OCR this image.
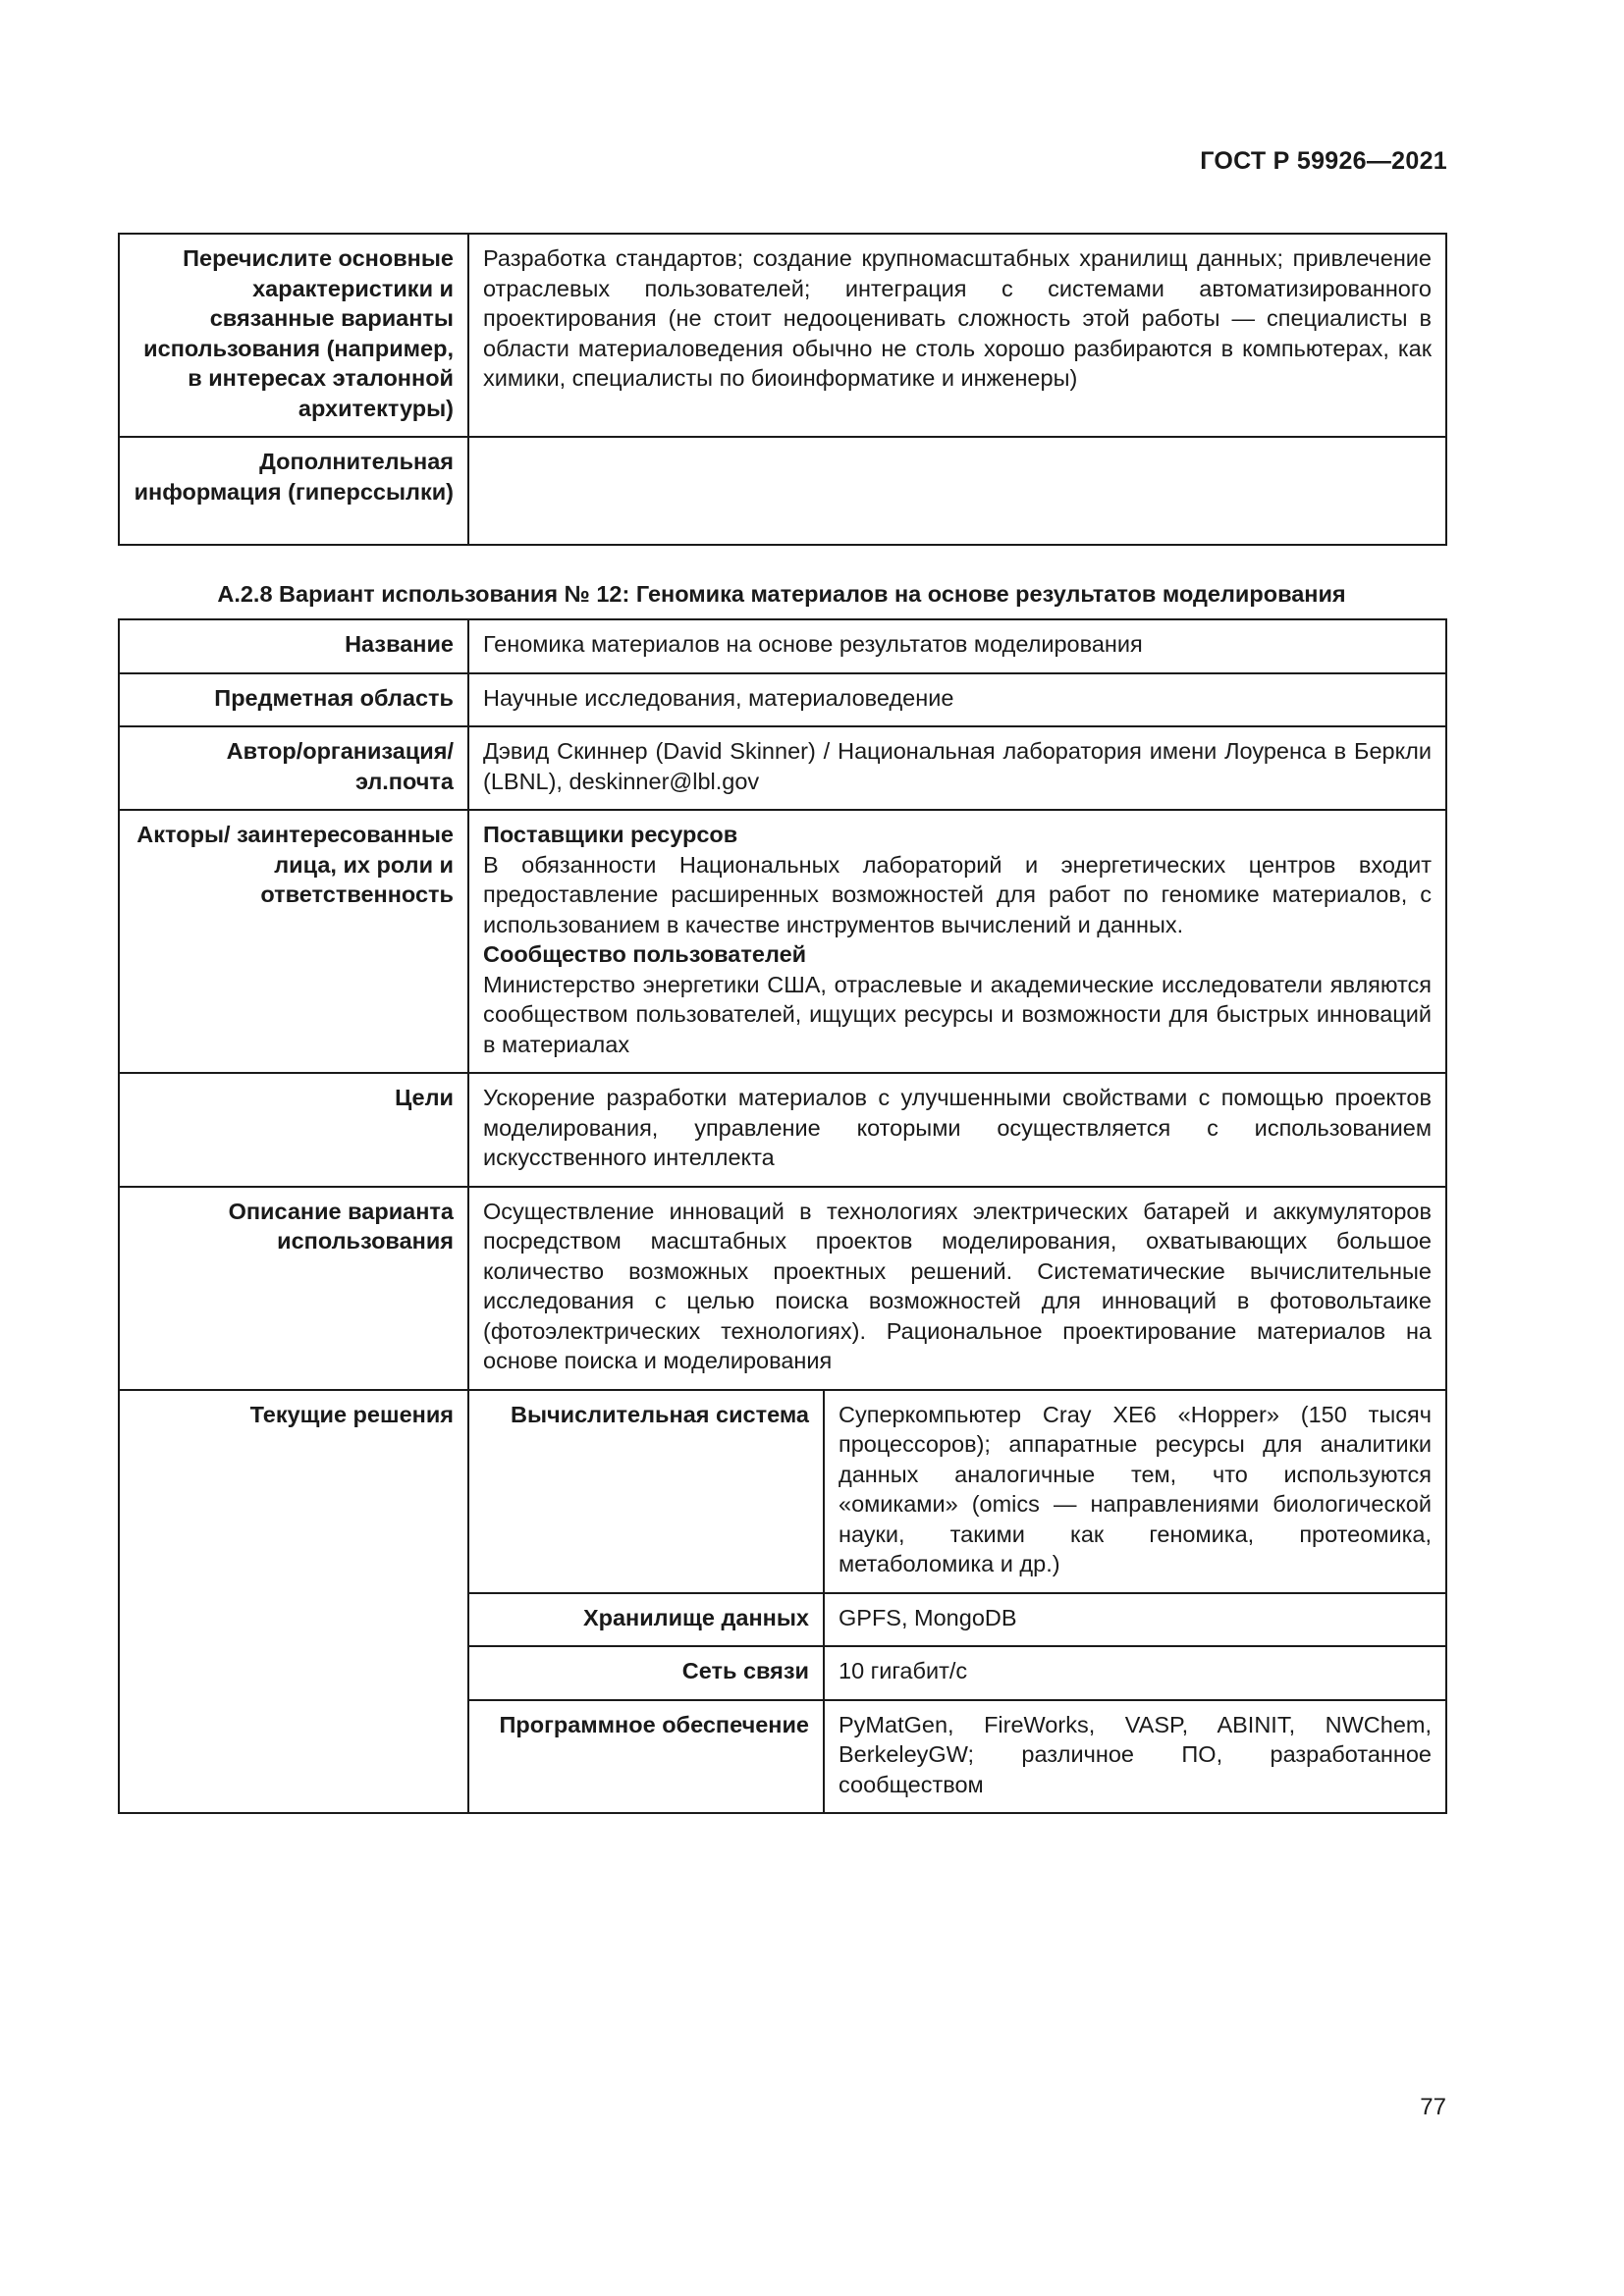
ГОСТ Р 59926—2021
Перечислите основные характеристики и связанные варианты использования (например, в интересах эталонной архитектуры)	Разработка стандартов; создание крупномасштабных хранилищ данных; привлечение отраслевых пользователей; интеграция с системами автоматизированного проектирования (не стоит недооценивать сложность этой работы — специалисты в области материаловедения обычно не столь хорошо разбираются в компьютерах, как химики, специалисты по биоинформатике и инженеры)
Дополнительная информация (гиперссылки)	
А.2.8 Вариант использования № 12: Геномика материалов на основе результатов моделирования
Название	Геномика материалов на основе результатов моделирования	
Предметная область	Научные исследования, материаловедение	
Автор/организация/ эл.почта	Дэвид Скиннер (David Skinner) / Национальная лаборатория имени Лоуренса в Беркли (LBNL), deskinner@lbl.gov	
Акторы/ заинтересованные лица, их роли и ответственность	Поставщики ресурсов
В обязанности Национальных лабораторий и энергетических центров входит предоставление расширенных возможностей для работ по геномике материалов, с использованием в качестве инструментов вычислений и данных.
Сообщество пользователей
Министерство энергетики США, отраслевые и академические исследователи являются сообществом пользователей, ищущих ресурсы и возможности для быстрых инноваций в материалах	

Цели	Ускорение разработки материалов с улучшенными свойствами с помощью проектов моделирования, управление которыми осуществляется с использованием искусственного интеллекта	
Описание варианта использования	Осуществление инноваций в технологиях электрических батарей и аккумуляторов посредством масштабных проектов моделирования, охватывающих большое количество возможных проектных решений. Систематические вычислительные исследования с целью поиска возможностей для инноваций в фотовольтаике (фотоэлектрических технологиях). Рациональное проектирование материалов на основе поиска и моделирования	
Текущие решения	Вычислительная система	Суперкомпьютер Cray XE6 «Hopper» (150 тысяч процессоров); аппаратные ресурсы для аналитики данных аналогичные тем, что используются «омиками» (omics — направлениями биологической науки, такими как геномика, протеомика, метаболомика и др.)
	Хранилище данных	GPFS, MongoDB
	Сеть связи	10 гигабит/с
	Программное обеспечение	PyMatGen, FireWorks, VASP, ABINIT, NWChem, BerkeleyGW; различное ПО, разработанное сообществом
77
